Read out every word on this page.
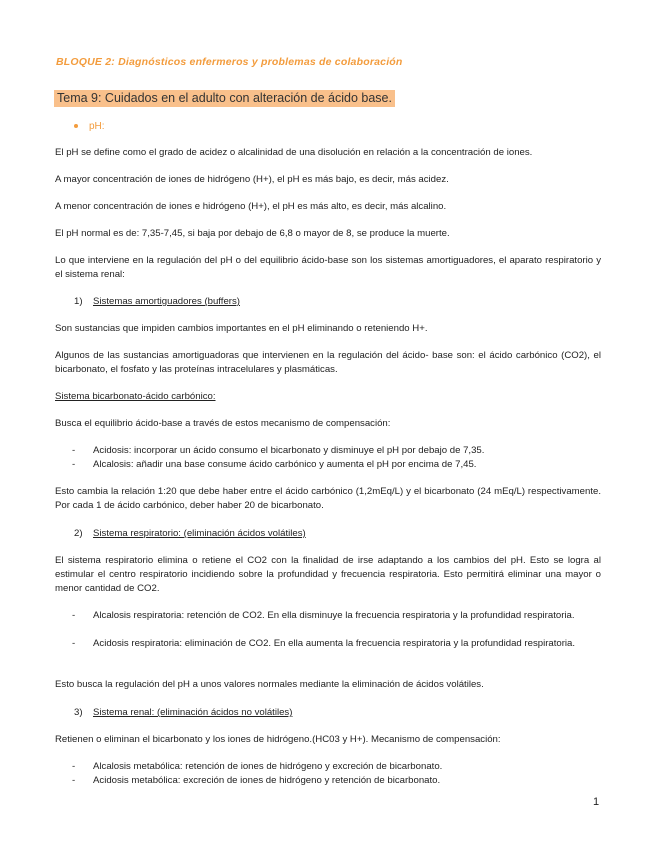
BLOQUE 2: Diagnósticos enfermeros y problemas de colaboración
Tema 9: Cuidados en el adulto con alteración de ácido base.
pH:

El pH se define como el grado de acidez o alcalinidad de una disolución en relación a la concentración de iones.

A mayor concentración de iones de hidrógeno (H+), el pH es más bajo, es decir, más acidez.

A menor concentración de iones e hidrógeno (H+), el pH es más alto, es decir, más alcalino.

El pH normal es de: 7,35-7,45, si baja por debajo de 6,8 o mayor de 8, se produce la muerte.

Lo que interviene en la regulación del pH o del equilibrio ácido-base son los sistemas amortiguadores, el aparato respiratorio y el sistema renal:

1) Sistemas amortiguadores (buffers)

Son sustancias que impiden cambios importantes en el pH eliminando o reteniendo H+.

Algunos de las sustancias amortiguadoras que intervienen en la regulación del ácido- base son: el ácido carbónico (CO2), el bicarbonato, el fosfato y las proteínas intracelulares y plasmáticas.

Sistema bicarbonato-ácido carbónico:

Busca el equilibrio ácido-base a través de estos mecanismo de compensación:

- Acidosis: incorporar un ácido consumo el bicarbonato y disminuye el pH por debajo de 7,35.
- Alcalosis: añadir una base consume ácido carbónico y aumenta el pH por encima de 7,45.

Esto cambia la relación 1:20 que debe haber entre el ácido carbónico (1,2mEq/L) y el bicarbonato (24 mEq/L) respectivamente. Por cada 1 de ácido carbónico, deber haber 20 de bicarbonato.

2) Sistema respiratorio: (eliminación ácidos volátiles)

El sistema respiratorio elimina o retiene el CO2 con la finalidad de irse adaptando a los cambios del pH. Esto se logra al estimular el centro respiratorio incidiendo sobre la profundidad y frecuencia respiratoria. Esto permitirá eliminar una mayor o menor cantidad de CO2.

- Alcalosis respiratoria: retención de CO2. En ella disminuye la frecuencia respiratoria y la profundidad respiratoria.
- Acidosis respiratoria: eliminación de CO2. En ella aumenta la frecuencia respiratoria y la profundidad respiratoria.

Esto busca la regulación del pH a unos valores normales mediante la eliminación de ácidos volátiles.

3) Sistema renal: (eliminación ácidos no volátiles)

Retienen o eliminan el bicarbonato y los iones de hidrógeno.(HC03 y H+). Mecanismo de compensación:

- Alcalosis metabólica: retención de iones de hidrógeno y excreción de bicarbonato.
- Acidosis metabólica: excreción de iones de hidrógeno y retención de bicarbonato.
1
